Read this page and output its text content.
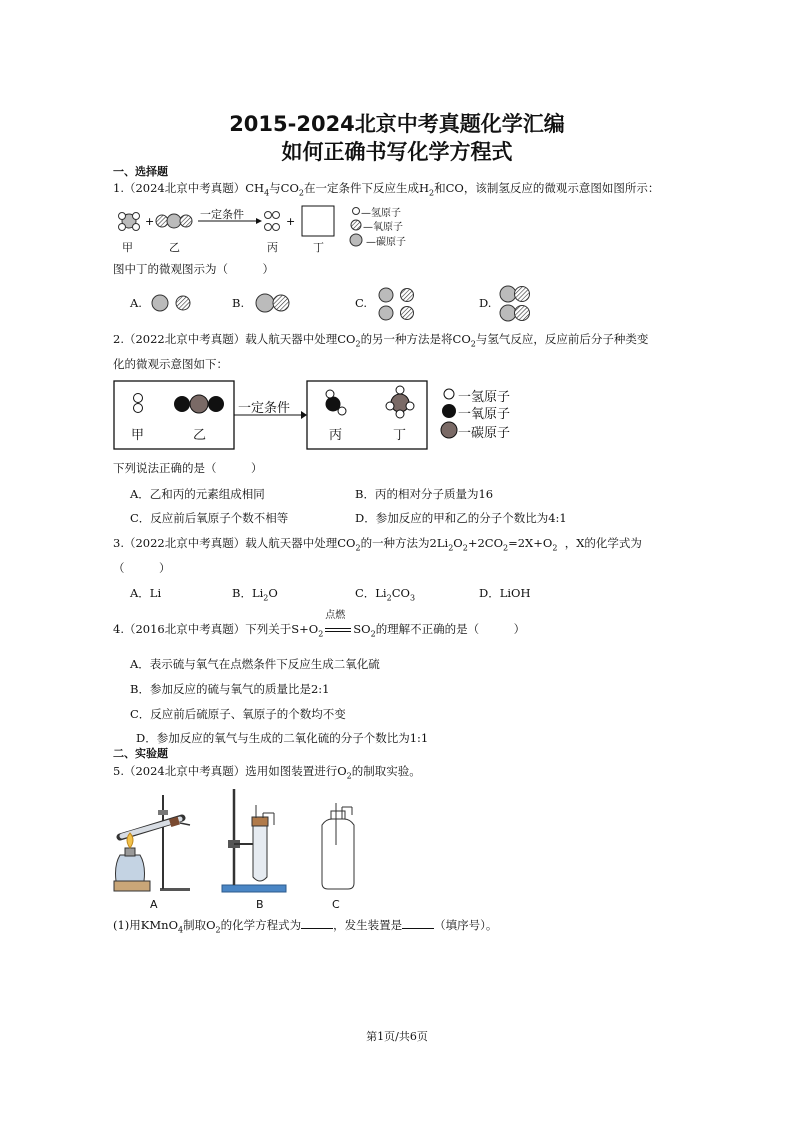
2015-2024北京中考真题化学汇编
如何正确书写化学方程式
一、选择题
1.（2024北京中考真题）$CH_4$与$CO_2$在一定条件下反应生成$H_2$和CO，该制氢反应的微观示意图如图所示：
+	+
一定条件
甲	乙	丙	丁
—氢原子
—氧原子
—碳原子
图中丁的微观图示为（　　　）
A.	B.	C.	D.
2.（2022北京中考真题）载人航天器中处理$CO_2$的另一种方法是将$CO_2$与氢气反应，反应前后分子种类变
化的微观示意图如下：
一定条件
甲	乙	丙	丁
一氢原子
一氧原子
一碳原子
下列说法正确的是（　　　）
A．乙和丙的元素组成相同	B．丙的相对分子质量为16
C．反应前后氧原子个数不相等	D．参加反应的甲和乙的分子个数比为4:1
3.（2022北京中考真题）载人航天器中处理$CO_2$的一种方法为$2Li_2O_2+2CO_2=2X+O_2$ ，X的化学式为
（　　　）
A．Li	B．$Li_2O$	C．$Li_2CO_3$	D．LiOH
4.（2016北京中考真题）下列关于$S+O_2$
点燃
$SO_2$的理解不正确的是（　　　）
A．表示硫与氧气在点燃条件下反应生成二氧化硫
B．参加反应的硫与氧气的质量比是2:1
C．反应前后硫原子、氧原子的个数均不变
D．参加反应的氧气与生成的二氧化硫的分子个数比为1:1
二、实验题
5.（2024北京中考真题）选用如图装置进行$O_2$的制取实验。
A	B	C
(1)用KMnO$_4$制取$O_2$的化学方程式为	，发生装置是	（填序号）。
第1页/共6页
